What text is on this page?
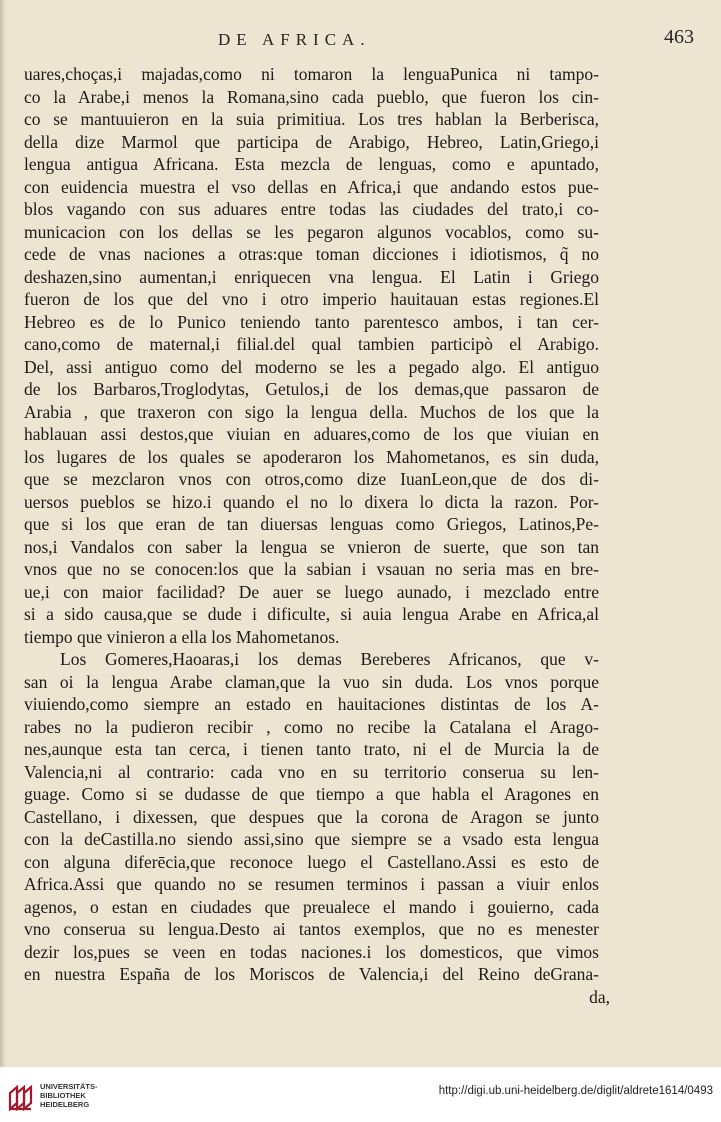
DE AFRICA.	463
uares,choças,i majadas,como ni tomaron la lenguaPunica ni tampo-
co la Arabe,i menos la Romana,sino cada pueblo, que fueron los cin-
co se mantuuieron en la suia primitiua. Los tres hablan la Berberisca,
della dize Marmol que participa de Arabigo, Hebreo, Latin,Griego,i
lengua antigua Africana. Esta mezcla de lenguas, como e apuntado,
con euidencia muestra el vso dellas en Africa,i que andando estos pue-
blos vagando con sus aduares entre todas las ciudades del trato,i co-
municacion con los dellas se les pegaron algunos vocablos, como su-
cede de vnas naciones a otras:que toman dicciones i idiotismos, q̃ no
deshazen,sino aumentan,i enriquecen vna lengua. El Latin i Griego
fueron de los que del vno i otro imperio hauitauan estas regiones.El
Hebreo es de lo Punico teniendo tanto parentesco ambos, i tan cer-
cano,como de maternal,i filial.del qual tambien participò el Arabigo.
Del, assi antiguo como del moderno se les a pegado algo. El antiguo
de los Barbaros,Troglodytas, Getulos,i de los demas,que passaron de
Arabia , que traxeron con sigo la lengua della. Muchos de los que la
hablauan assi destos,que viuian en aduares,como de los que viuian en
los lugares de los quales se apoderaron los Mahometanos, es sin duda,
que se mezclaron vnos con otros,como dize IuanLeon,que de dos di-
uersos pueblos se hizo.i quando el no lo dixera lo dicta la razon. Por-
que si los que eran de tan diuersas lenguas como Griegos, Latinos,Pe-
nos,i Vandalos con saber la lengua se vnieron de suerte, que son tan
vnos que no se conocen:los que la sabian i vsauan no seria mas en bre-
ue,i con maior facilidad? De auer se luego aunado, i mezclado entre
si a sido causa,que se dude i dificulte, si auia lengua Arabe en Africa,al
tiempo que vinieron a ella los Mahometanos.
Los Gomeres,Haoaras,i los demas Bereberes Africanos, que v-
san oi la lengua Arabe claman,que la vuo sin duda. Los vnos porque
viuiendo,como siempre an estado en hauitaciones distintas de los A-
rabes no la pudieron recibir , como no recibe la Catalana el Arago-
nes,aunque esta tan cerca, i tienen tanto trato, ni el de Murcia la de
Valencia,ni al contrario: cada vno en su territorio conserua su len-
guage. Como si se dudasse de que tiempo a que habla el Aragones en
Castellano, i dixessen, que despues que la corona de Aragon se junto
con la deCastilla.no siendo assi,sino que siempre se a vsado esta lengua
con alguna diferēcia,que reconoce luego el Castellano.Assi es esto de
Africa.Assi que quando no se resumen terminos i passan a viuir enlos
agenos, o estan en ciudades que preualece el mando i gouierno, cada
vno conserua su lengua.Desto ai tantos exemplos, que no es menester
dezir los,pues se veen en todas naciones.i los domesticos, que vimos
en nuestra España de los Moriscos de Valencia,i del Reino deGrana-
da,
UNIVERSITÄTS-
BIBLIOTHEK
HEIDELBERG
http://digi.ub.uni-heidelberg.de/diglit/aldrete1614/0493
